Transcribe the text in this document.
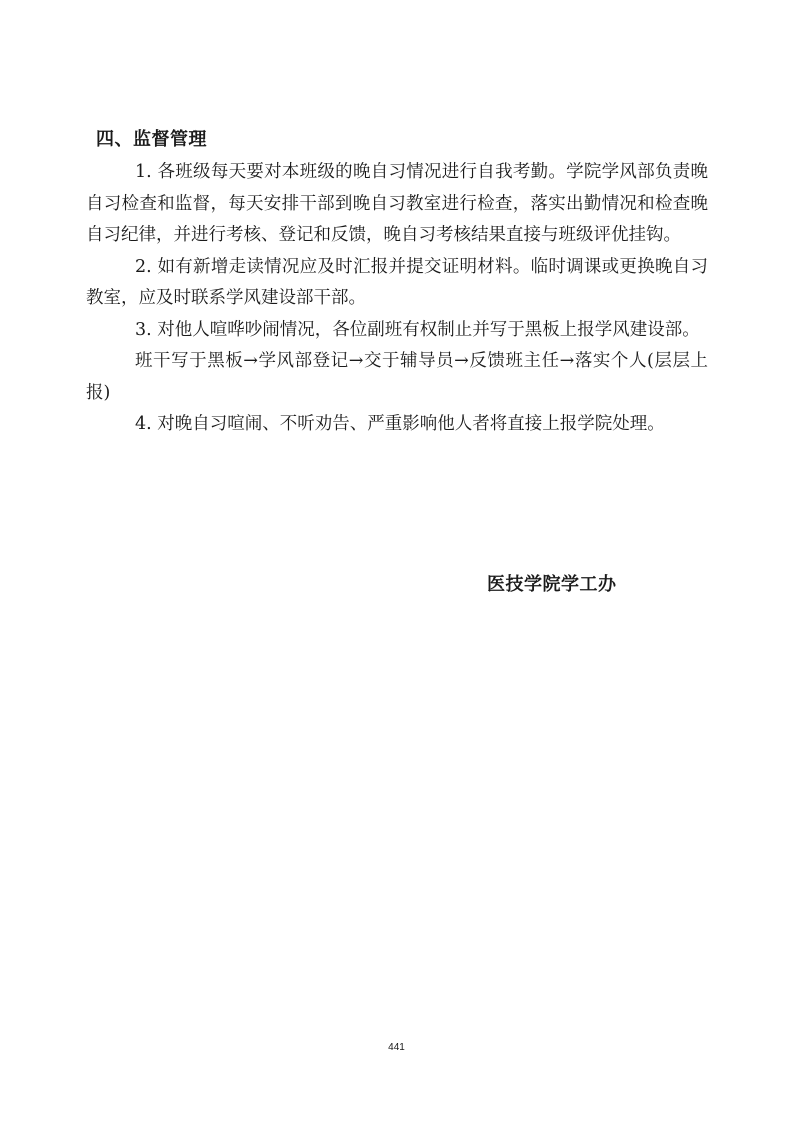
四、监督管理

1. 各班级每天要对本班级的晚自习情况进行自我考勤。学院学风部负责晚自习检查和监督，每天安排干部到晚自习教室进行检查，落实出勤情况和检查晚自习纪律，并进行考核、登记和反馈，晚自习考核结果直接与班级评优挂钩。

2. 如有新增走读情况应及时汇报并提交证明材料。临时调课或更换晚自习教室，应及时联系学风建设部干部。

3. 对他人喧哗吵闹情况，各位副班有权制止并写于黑板上报学风建设部。

班干写于黑板→学风部登记→交于辅导员→反馈班主任→落实个人(层层上报)

4. 对晚自习喧闹、不听劝告、严重影响他人者将直接上报学院处理。

医技学院学工办
441
